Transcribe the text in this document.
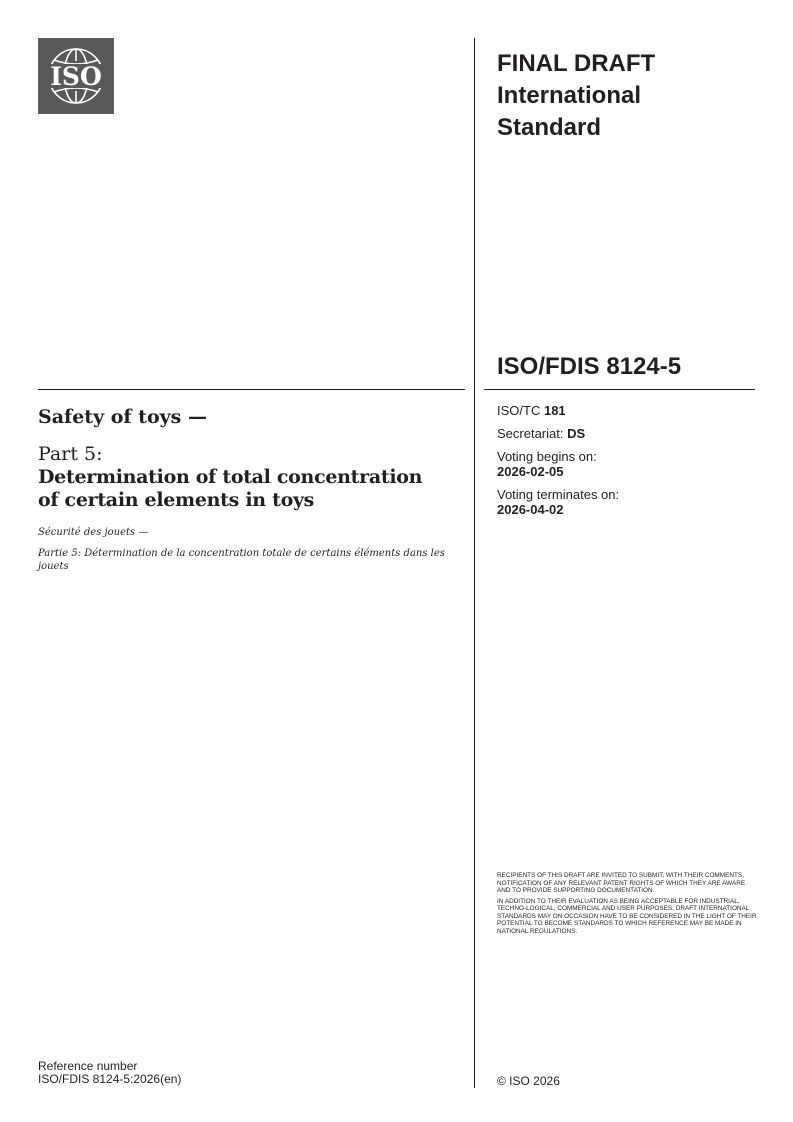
ISO	FINAL DRAFT
International
Standard
ISO/FDIS 8124-5
Safety of toys —
Part 5:
Determination of total concentration of certain elements in toys
Sécurité des jouets —
Partie 5: Détermination de la concentration totale de certains éléments dans les jouets
ISO/TC 181
Secretariat: DS
Voting begins on:
2026-02-05
Voting terminates on:
2026-04-02

RECIPIENTS OF THIS DRAFT ARE INVITED TO SUBMIT, WITH THEIR COMMENTS, NOTIFICATION OF ANY RELEVANT PATENT RIGHTS OF WHICH THEY ARE AWARE AND TO PROVIDE SUPPORTING DOCUMENTATION.

IN ADDITION TO THEIR EVALUATION AS BEING ACCEPTABLE FOR INDUSTRIAL, TECHNO-LOGICAL, COMMERCIAL AND USER PURPOSES, DRAFT INTERNATIONAL STANDARDS MAY ON OCCASION HAVE TO BE CONSIDERED IN THE LIGHT OF THEIR POTENTIAL TO BECOME STANDARDS TO WHICH REFERENCE MAY BE MADE IN NATIONAL REGULATIONS.

Reference number
ISO/FDIS 8124-5:2026(en)	© ISO 2026
